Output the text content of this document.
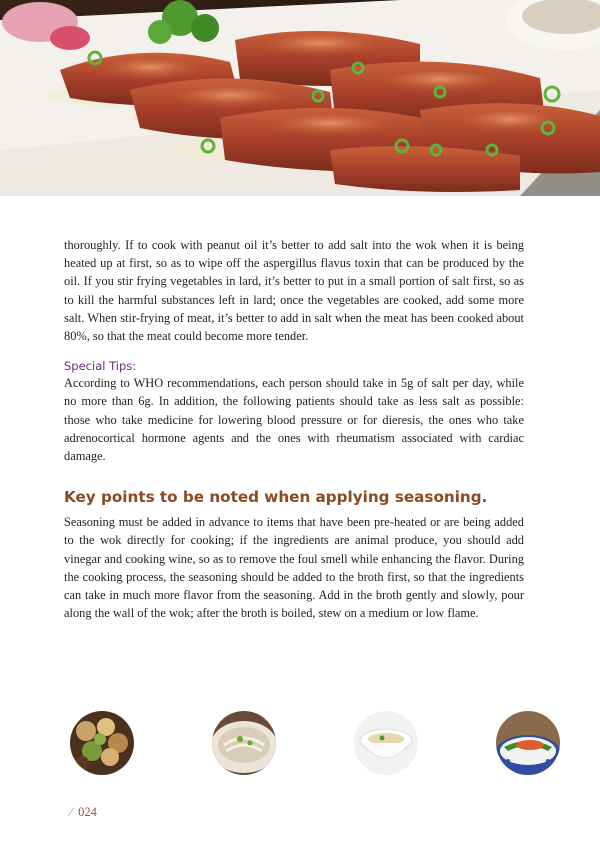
thoroughly. If to cook with peanut oil it’s better to add salt into the wok when it is being heated up at first, so as to wipe off the aspergillus flavus toxin that can be produced by the oil. If you stir frying vegetables in lard, it’s better to put in a small portion of salt first, so as to kill the harmful substances left in lard; once the vegetables are cooked, add some more salt. When stir-frying of meat, it’s better to add in salt when the meat has been cooked about 80%, so that the meat could become more tender.

Special Tips:

According to WHO recommendations, each person should take in 5g of salt per day, while no more than 6g. In addition, the following patients should take as less salt as possible: those who take medicine for lowering blood pressure or for dieresis, the ones who take adrenocortical hormone agents and the ones with rheumatism associated with cardiac damage.

Key points to be noted when applying seasoning.

Seasoning must be added in advance to items that have been pre-heated or are being added to the wok directly for cooking; if the ingredients are animal produce, you should add vinegar and cooking wine, so as to remove the foul smell while enhancing the flavor. During the cooking process, the seasoning should be added to the broth first, so that the ingredients can take in much more flavor from the seasoning. Add in the broth gently and slowly, pour along the wall of the wok; after the broth is boiled, stew on a medium or low flame.

⁄ 024
